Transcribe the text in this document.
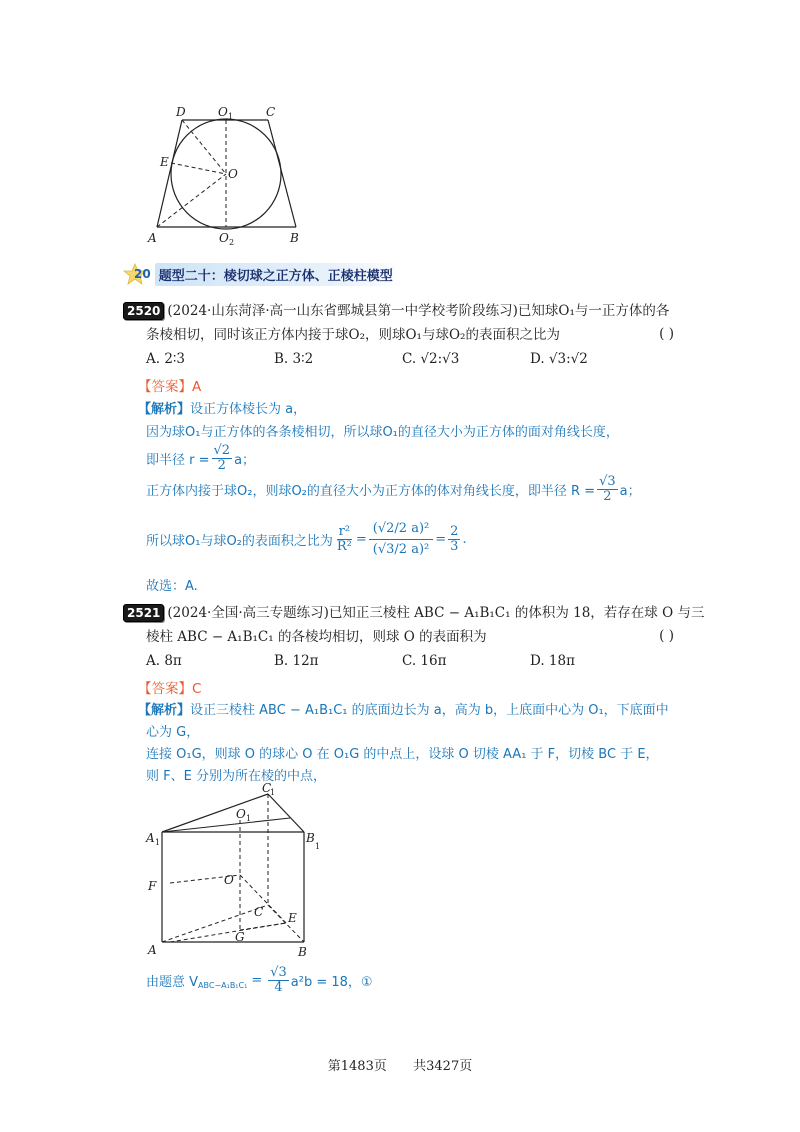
D	O 1	C
E
O
A	O 2	B
20 题型二十：棱切球之正方体、正棱柱模型
2520 (2024·山东菏泽·高一山东省鄄城县第一中学校考阶段练习)已知球O₁与一正方体的各
条棱相切，同时该正方体内接于球O₂，则球O₁与球O₂的表面积之比为	( )
A. 2∶3	B. 3∶2	C. √2:√3	D. √3:√2
【答案】A
【解析】设正方体棱长为 a，
因为球O₁与正方体的各条棱相切，所以球O₁的直径大小为正方体的面对角线长度，
即半径 $r = \frac{√2}{2}$ a；
正方体内接于球O₂，则球O₂的直径大小为正方体的体对角线长度，即半径 $R = \frac{√3}{2}$ a；
所以球O₁与球O₂的表面积之比为 $\frac{\text{r²}}{\text{R²}} = \frac{\text{(√2/2 a)²}}{\text{(√3/2 a)²}} = \frac{2}{3}$ .
故选：A.
2521 (2024·全国·高三专题练习)已知正三棱柱 ABC − A₁B₁C₁ 的体积为 18，若存在球 O 与三
棱柱 ABC − A₁B₁C₁ 的各棱均相切，则球 O 的表面积为	( )
A. 8π	B. 12π	C. 16π	D. 18π
【答案】C
【解析】设正三棱柱 ABC − A₁B₁C₁ 的底面边长为 a，高为 b，上底面中心为 O₁，下底面中
心为 G，
连接 O₁G，则球 O 的球心 O 在 O₁G 的中点上，设球 O 切棱 AA₁ 于 F，切棱 BC 于 E，
则 F、E 分别为所在棱的中点，
C
1
O 1
A 1	B
1
F	O
C E
G
A	B
由题意 $V_{ABC-A_1B_1C_1} = \frac{√3}{4} a^2b = 18$，①
第1483页 共3427页
